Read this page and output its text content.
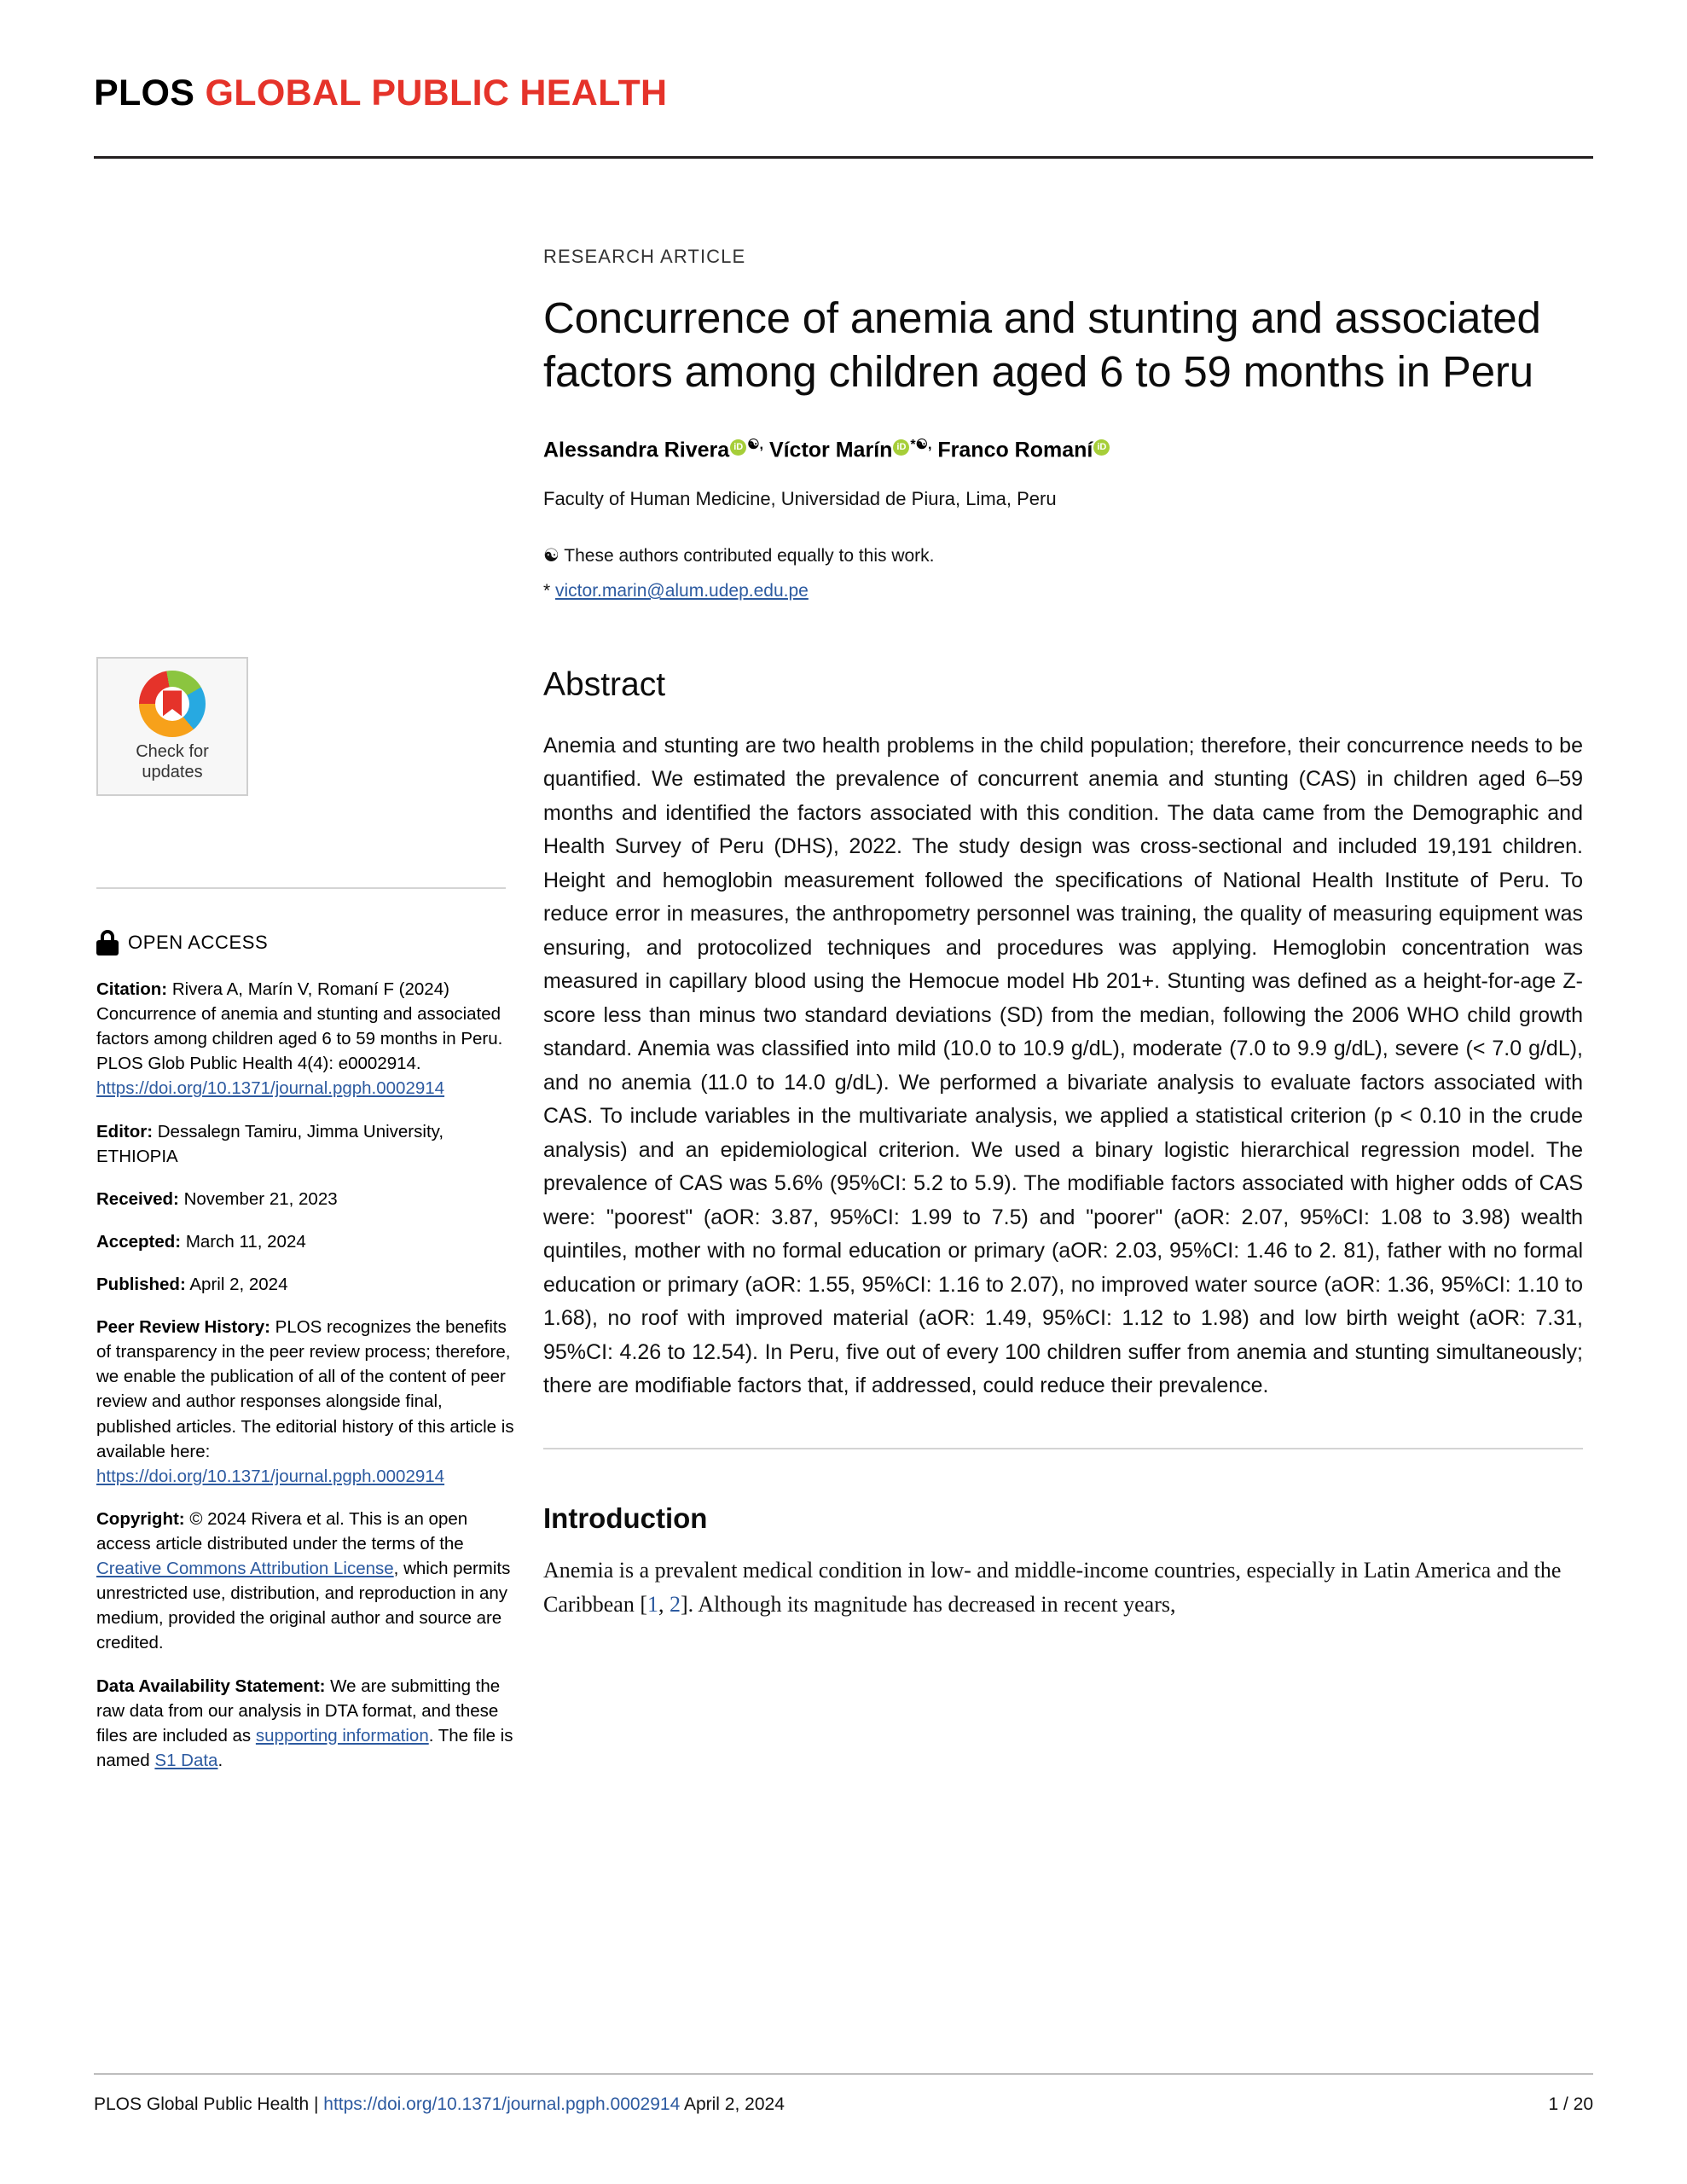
PLOS GLOBAL PUBLIC HEALTH
Check for
updates
OPEN ACCESS

Citation: Rivera A, Marín V, Romaní F (2024) Concurrence of anemia and stunting and associated factors among children aged 6 to 59 months in Peru. PLOS Glob Public Health 4(4): e0002914. https://doi.org/10.1371/journal.pgph.0002914

Editor: Dessalegn Tamiru, Jimma University, ETHIOPIA

Received: November 21, 2023

Accepted: March 11, 2024

Published: April 2, 2024

Peer Review History: PLOS recognizes the benefits of transparency in the peer review process; therefore, we enable the publication of all of the content of peer review and author responses alongside final, published articles. The editorial history of this article is available here: https://doi.org/10.1371/journal.pgph.0002914

Copyright: © 2024 Rivera et al. This is an open access article distributed under the terms of the Creative Commons Attribution License, which permits unrestricted use, distribution, and reproduction in any medium, provided the original author and source are credited.

Data Availability Statement: We are submitting the raw data from our analysis in DTA format, and these files are included as supporting information. The file is named S1 Data.

RESEARCH ARTICLE
Concurrence of anemia and stunting and associated factors among children aged 6 to 59 months in Peru
Alessandra Rivera iD ☯, Víctor Marín iD *☯, Franco RomaníiD
Faculty of Human Medicine, Universidad de Piura, Lima, Peru
☯ These authors contributed equally to this work.
* victor.marin@alum.udep.edu.pe
Abstract
Anemia and stunting are two health problems in the child population; therefore, their concurrence needs to be quantified. We estimated the prevalence of concurrent anemia and stunting (CAS) in children aged 6–59 months and identified the factors associated with this condition. The data came from the Demographic and Health Survey of Peru (DHS), 2022. The study design was cross-sectional and included 19,191 children. Height and hemoglobin measurement followed the specifications of National Health Institute of Peru. To reduce error in measures, the anthropometry personnel was training, the quality of measuring equipment was ensuring, and protocolized techniques and procedures was applying. Hemoglobin concentration was measured in capillary blood using the Hemocue model Hb 201+. Stunting was defined as a height-for-age Z-score less than minus two standard deviations (SD) from the median, following the 2006 WHO child growth standard. Anemia was classified into mild (10.0 to 10.9 g/dL), moderate (7.0 to 9.9 g/dL), severe (< 7.0 g/dL), and no anemia (11.0 to 14.0 g/dL). We performed a bivariate analysis to evaluate factors associated with CAS. To include variables in the multivariate analysis, we applied a statistical criterion (p < 0.10 in the crude analysis) and an epidemiological criterion. We used a binary logistic hierarchical regression model. The prevalence of CAS was 5.6% (95%CI: 5.2 to 5.9). The modifiable factors associated with higher odds of CAS were: "poorest" (aOR: 3.87, 95%CI: 1.99 to 7.5) and "poorer" (aOR: 2.07, 95%CI: 1.08 to 3.98) wealth quintiles, mother with no formal education or primary (aOR: 2.03, 95%CI: 1.46 to 2. 81), father with no formal education or primary (aOR: 1.55, 95%CI: 1.16 to 2.07), no improved water source (aOR: 1.36, 95%CI: 1.10 to 1.68), no roof with improved material (aOR: 1.49, 95%CI: 1.12 to 1.98) and low birth weight (aOR: 7.31, 95%CI: 4.26 to 12.54). In Peru, five out of every 100 children suffer from anemia and stunting simultaneously; there are modifiable factors that, if addressed, could reduce their prevalence.
Introduction
Anemia is a prevalent medical condition in low- and middle-income countries, especially in Latin America and the Caribbean [1, 2]. Although its magnitude has decreased in recent years,
PLOS Global Public Health | https://doi.org/10.1371/journal.pgph.0002914 April 2, 2024	1 / 20
